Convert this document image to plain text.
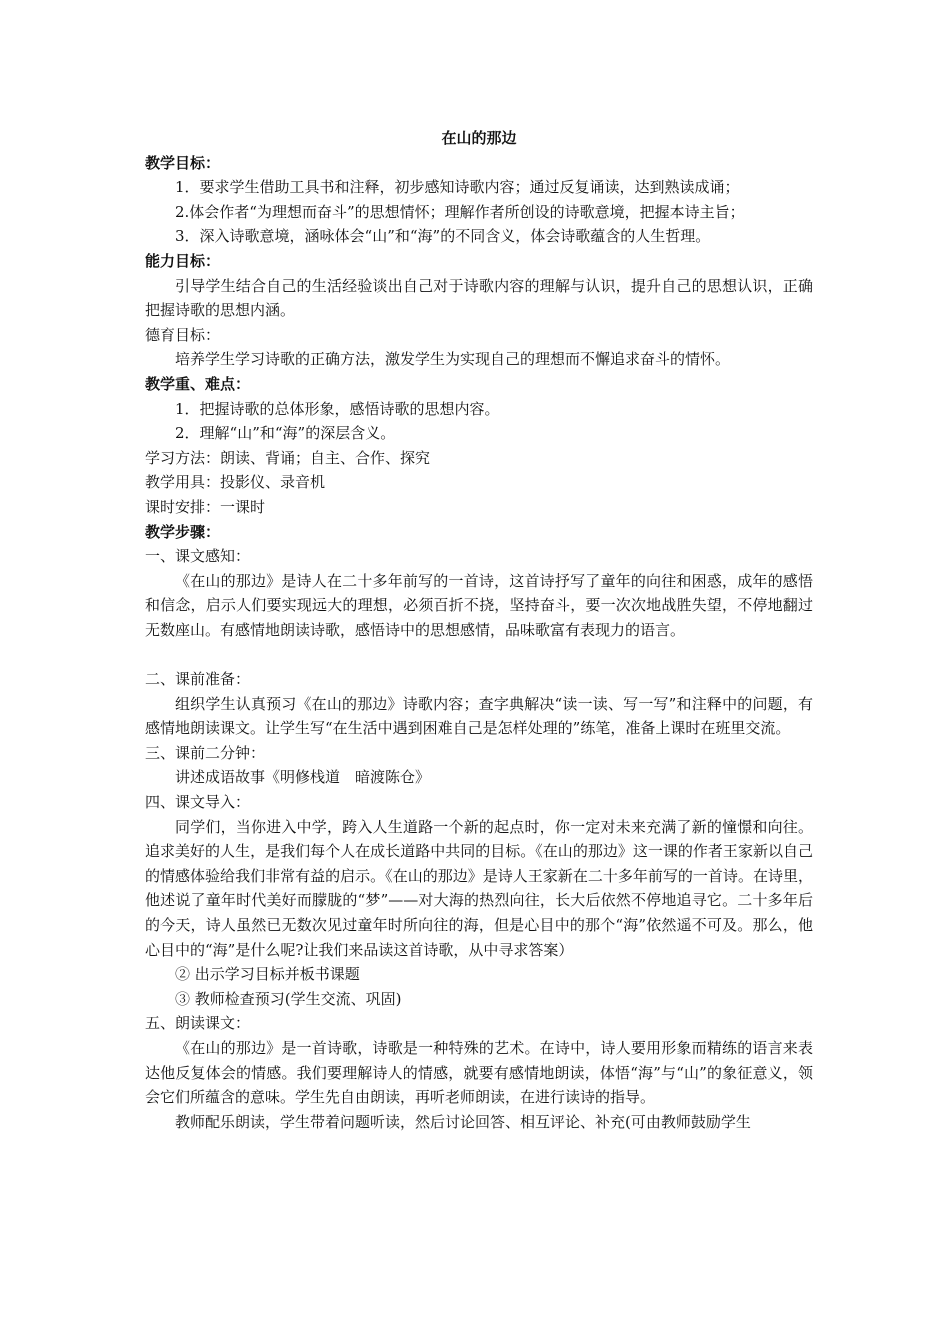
在山的那边

教学目标：

1．要求学生借助工具书和注释，初步感知诗歌内容；通过反复诵读，达到熟读成诵；

2.体会作者“为理想而奋斗”的思想情怀；理解作者所创设的诗歌意境，把握本诗主旨；

3．深入诗歌意境，涵咏体会“山”和“海”的不同含义，体会诗歌蕴含的人生哲理。

能力目标：

引导学生结合自己的生活经验谈出自己对于诗歌内容的理解与认识，提升自己的思想认识，正确把握诗歌的思想内涵。

德育目标：

培养学生学习诗歌的正确方法，激发学生为实现自己的理想而不懈追求奋斗的情怀。

教学重、难点：

1．把握诗歌的总体形象，感悟诗歌的思想内容。

2．理解“山”和“海”的深层含义。

学习方法：朗读、背诵；自主、合作、探究

教学用具：投影仪、录音机

课时安排：一课时

教学步骤：

一、课文感知：

《在山的那边》是诗人在二十多年前写的一首诗，这首诗抒写了童年的向往和困惑，成年的感悟和信念，启示人们要实现远大的理想，必须百折不挠，坚持奋斗，要一次次地战胜失望，不停地翻过无数座山。有感情地朗读诗歌，感悟诗中的思想感情，品味歌富有表现力的语言。

二、课前准备：

组织学生认真预习《在山的那边》诗歌内容；查字典解决“读一读、写一写”和注释中的问题，有感情地朗读课文。让学生写“在生活中遇到困难自己是怎样处理的”练笔，准备上课时在班里交流。

三、课前二分钟：

讲述成语故事《明修栈道　暗渡陈仓》

四、课文导入：

同学们，当你进入中学，跨入人生道路一个新的起点时，你一定对未来充满了新的憧憬和向往。追求美好的人生，是我们每个人在成长道路中共同的目标。《在山的那边》这一课的作者王家新以自己的情感体验给我们非常有益的启示。《在山的那边》是诗人王家新在二十多年前写的一首诗。在诗里，他述说了童年时代美好而朦胧的“梦”——对大海的热烈向往，长大后依然不停地追寻它。二十多年后的今天，诗人虽然已无数次见过童年时所向往的海，但是心目中的那个“海”依然遥不可及。那么，他心目中的“海”是什么呢?让我们来品读这首诗歌，从中寻求答案）

② 出示学习目标并板书课题

③ 教师检查预习(学生交流、巩固)

五、朗读课文：

《在山的那边》是一首诗歌，诗歌是一种特殊的艺术。在诗中，诗人要用形象而精练的语言来表达他反复体会的情感。我们要理解诗人的情感，就要有感情地朗读，体悟“海”与“山”的象征意义，领会它们所蕴含的意味。学生先自由朗读，再听老师朗读，在进行读诗的指导。

教师配乐朗读，学生带着问题听读，然后讨论回答、相互评论、补充(可由教师鼓励学生
